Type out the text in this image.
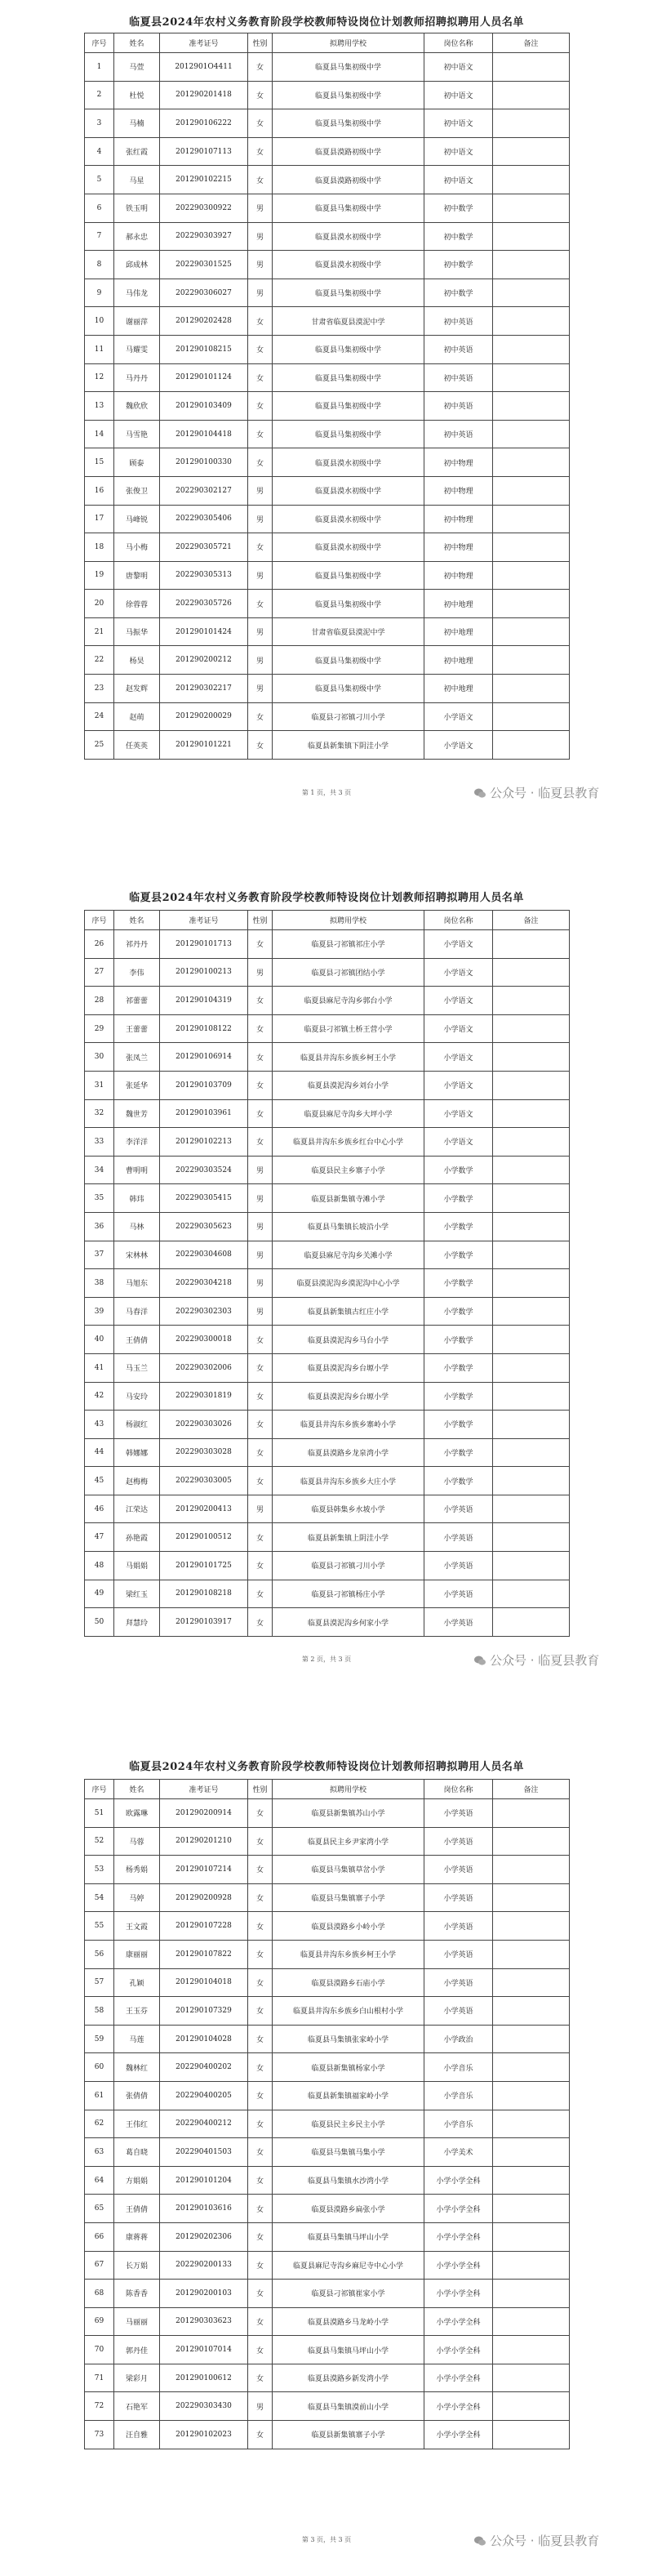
临夏县2024年农村义务教育阶段学校教师特设岗位计划教师招聘拟聘用人员名单
序号	姓名	准考证号	性别	拟聘用学校	岗位名称	备注
1	马萱	2012901O4411	女	临夏县马集初级中学	初中语文	
2	杜悦	201290201418	女	临夏县马集初级中学	初中语文	
3	马楠	201290106222	女	临夏县马集初级中学	初中语文	
4	张红霞	201290107113	女	临夏县漠路初级中学	初中语文	
5	马星	201290102215	女	临夏县漠路初级中学	初中语文	
6	铁玉明	202290300922	男	临夏县马集初级中学	初中数学	
7	郝永忠	202290303927	男	临夏县漠水初级中学	初中数学	
8	邱成林	202290301525	男	临夏县漠水初级中学	初中数学	
9	马伟龙	202290306027	男	临夏县马集初级中学	初中数学	
10	谢丽萍	201290202428	女	甘肃省临夏县漠泥中学	初中英语	
11	马耀雯	201290108215	女	临夏县马集初级中学	初中英语	
12	马丹丹	201290101124	女	临夏县马集初级中学	初中英语	
13	魏欣欣	201290103409	女	临夏县马集初级中学	初中英语	
14	马雪艳	201290104418	女	临夏县马集初级中学	初中英语	
15	顾泰	201290100330	女	临夏县漠水初级中学	初中物理	
16	张俊卫	202290302127	男	临夏县漠水初级中学	初中物理	
17	马峰锐	202290305406	男	临夏县漠水初级中学	初中物理	
18	马小梅	202290305721	女	临夏县漠水初级中学	初中物理	
19	唐黎明	202290305313	男	临夏县马集初级中学	初中物理	
20	徐蓉蓉	202290305726	女	临夏县马集初级中学	初中地理	
21	马振华	201290101424	男	甘肃省临夏县漠泥中学	初中地理	
22	杨昊	201290200212	男	临夏县马集初级中学	初中地理	
23	赵发辉	201290302217	男	临夏县马集初级中学	初中地理	
24	赵萌	201290200029	女	临夏县刁祁镇刁川小学	小学语文	
25	任英英	201290101221	女	临夏县新集镇下阴洼小学	小学语文	
第 1 页，共 3 页	公众号 · 临夏县教育
临夏县2024年农村义务教育阶段学校教师特设岗位计划教师招聘拟聘用人员名单
序号	姓名	准考证号	性别	拟聘用学校	岗位名称	备注
26	祁丹丹	201290101713	女	临夏县刁祁镇祁庄小学	小学语文	
27	李伟	201290100213	男	临夏县刁祁镇团结小学	小学语文	
28	祁蕾蕾	201290104319	女	临夏县麻尼寺沟乡郭台小学	小学语文	
29	王蕾蕾	201290108122	女	临夏县刁祁镇土桥王营小学	小学语文	
30	张凤兰	201290106914	女	临夏县井沟东乡族乡柯王小学	小学语文	
31	张延华	201290103709	女	临夏县漠泥沟乡刘台小学	小学语文	
32	魏世芳	201290103961	女	临夏县麻尼寺沟乡大坪小学	小学语文	
33	李洋洋	201290102213	女	临夏县井沟东乡族乡红台中心小学	小学语文	
34	曹明明	202290303524	男	临夏县民主乡寨子小学	小学数学	
35	韩玮	202290305415	男	临夏县新集镇寺滩小学	小学数学	
36	马林	202290305623	男	临夏县马集镇长坡沿小学	小学数学	
37	宋林林	202290304608	男	临夏县麻尼寺沟乡关滩小学	小学数学	
38	马旭东	202290304218	男	临夏县漠泥沟乡漠泥沟中心小学	小学数学	
39	马春洋	202290302303	男	临夏县新集镇古红庄小学	小学数学	
40	王倩倩	202290300018	女	临夏县漠泥沟乡马台小学	小学数学	
41	马玉兰	202290302006	女	临夏县漠泥沟乡台塬小学	小学数学	
42	马安玲	202290301819	女	临夏县漠泥沟乡台塬小学	小学数学	
43	杨淑红	202290303026	女	临夏县井沟东乡族乡寨岭小学	小学数学	
44	韩娜娜	202290303028	女	临夏县漠路乡龙泉湾小学	小学数学	
45	赵梅梅	202290303005	女	临夏县井沟东乡族乡大庄小学	小学数学	
46	江荣达	201290200413	男	临夏县韩集乡水坡小学	小学英语	
47	孙艳霞	201290100512	女	临夏县新集镇上阴洼小学	小学英语	
48	马娟娟	201290101725	女	临夏县刁祁镇刁川小学	小学英语	
49	梁红玉	201290108218	女	临夏县刁祁镇杨庄小学	小学英语	
50	拜慧玲	201290103917	女	临夏县漠泥沟乡何家小学	小学英语	
第 2 页，共 3 页	公众号 · 临夏县教育
临夏县2024年农村义务教育阶段学校教师特设岗位计划教师招聘拟聘用人员名单
序号	姓名	准考证号	性别	拟聘用学校	岗位名称	备注
51	欧露琳	201290200914	女	临夏县新集镇苏山小学	小学英语	
52	马蓉	201290201210	女	临夏县民主乡尹家湾小学	小学英语	
53	杨秀娟	201290107214	女	临夏县马集镇草岔小学	小学英语	
54	马婷	201290200928	女	临夏县马集镇寨子小学	小学英语	
55	王文霞	201290107228	女	临夏县漠路乡小岭小学	小学英语	
56	康丽丽	201290107822	女	临夏县井沟东乡族乡柯王小学	小学英语	
57	孔颖	201290104018	女	临夏县漠路乡石庙小学	小学英语	
58	王玉芬	201290107329	女	临夏县井沟东乡族乡白山根村小学	小学英语	
59	马莲	201290104028	女	临夏县马集镇张家岭小学	小学政治	
60	魏林红	202290400202	女	临夏县新集镇杨家小学	小学音乐	
61	张倩倩	202290400205	女	临夏县新集镇福家岭小学	小学音乐	
62	王伟红	202290400212	女	临夏县民主乡民主小学	小学音乐	
63	葛自晓	202290401503	女	临夏县马集镇马集小学	小学美术	
64	方娟娟	201290101204	女	临夏县马集镇水沙湾小学	小学小学全科	
65	王倩倩	201290103616	女	临夏县漠路乡扁张小学	小学小学全科	
66	康蒋蒋	201290202306	女	临夏县马集镇马坪山小学	小学小学全科	
67	长万娟	202290200133	女	临夏县麻尼寺沟乡麻尼寺中心小学	小学小学全科	
68	陈香香	201290200103	女	临夏县刁祁镇崔家小学	小学小学全科	
69	马丽丽	201290303623	女	临夏县漠路乡马龙岭小学	小学小学全科	
70	郭丹佳	201290107014	女	临夏县马集镇马坪山小学	小学小学全科	
71	梁彩月	201290100612	女	临夏县漠路乡新发湾小学	小学小学全科	
72	石艳军	202290303430	男	临夏县马集镇漠前山小学	小学小学全科	
73	汪自雅	201290102023	女	临夏县新集镇寨子小学	小学小学全科	
第 3 页，共 3 页	公众号 · 临夏县教育
